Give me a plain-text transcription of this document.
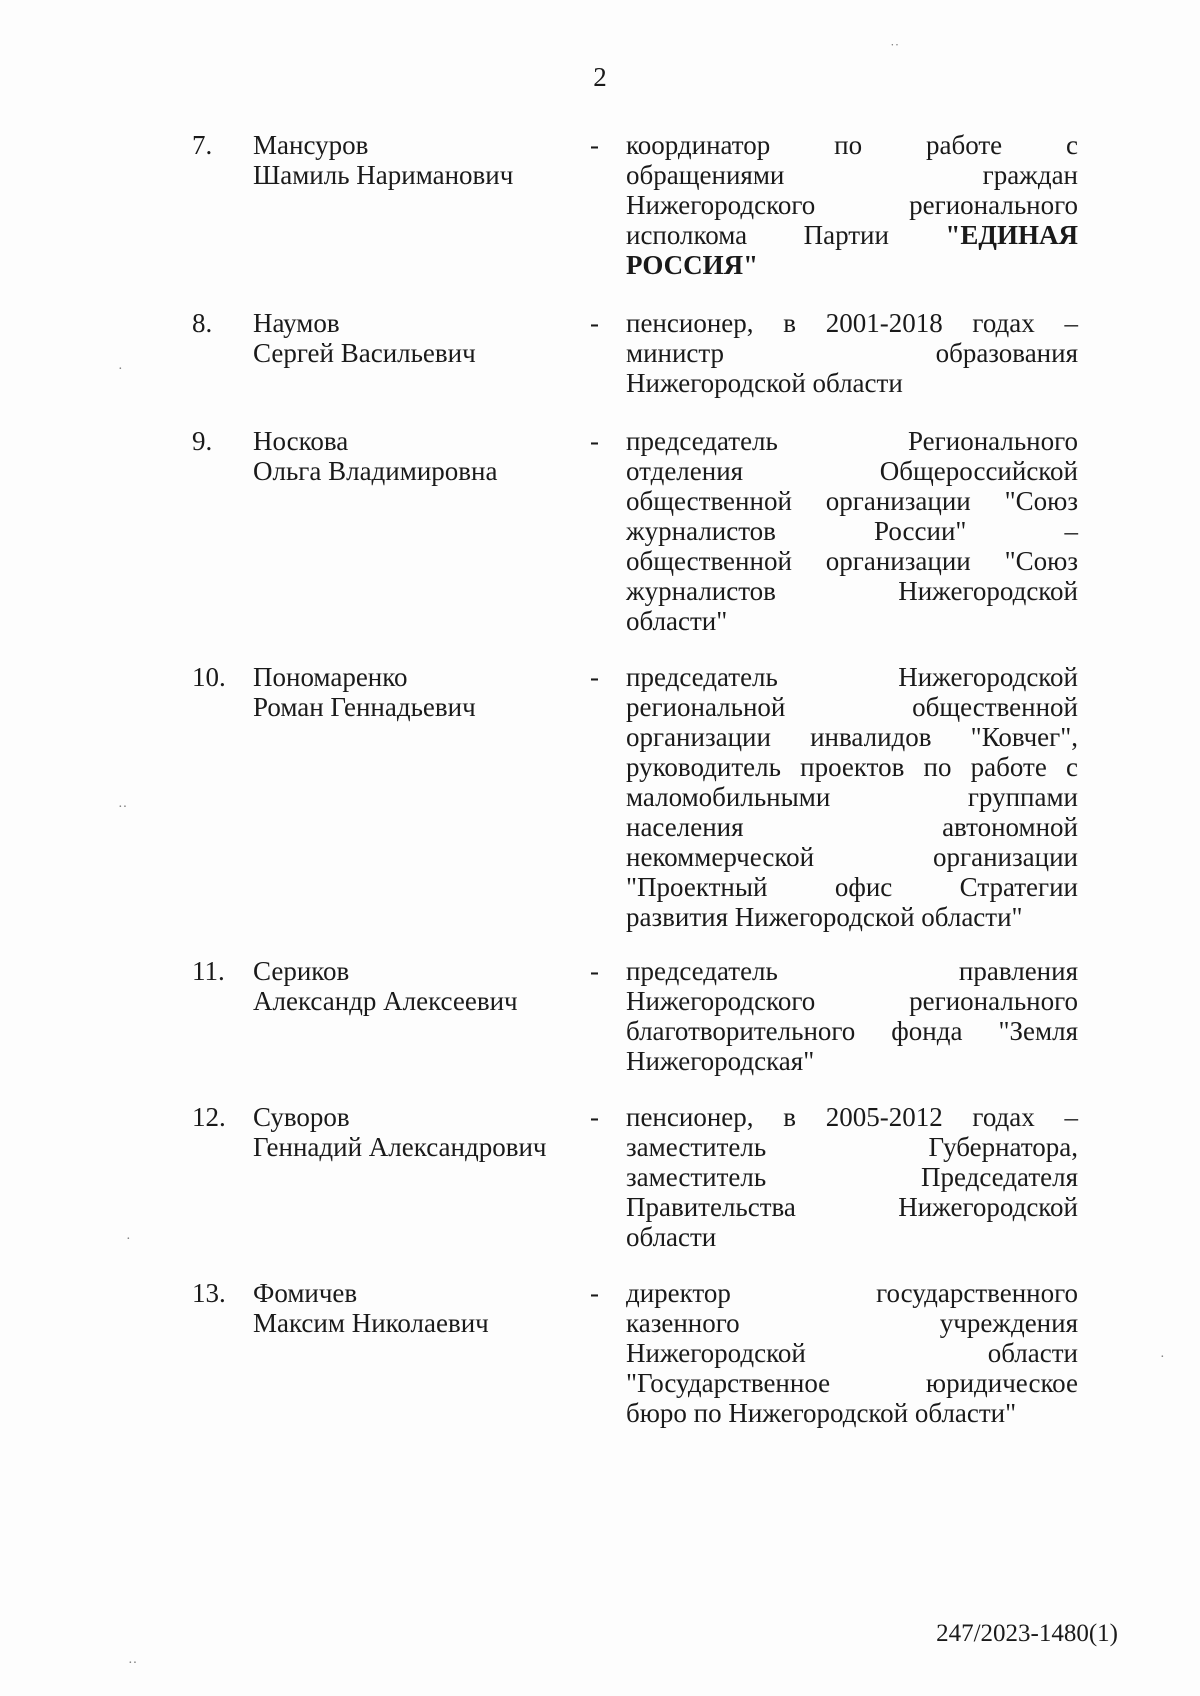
2
7. Мансуров
Шамиль Нариманович
- координатор по работе с
обращениями граждан
Нижегородского регионального
исполкома Партии "ЕДИНАЯ
РОССИЯ"
8. Наумов
Сергей Васильевич
- пенсионер, в 2001-2018 годах –
министр образования
Нижегородской области
9. Носкова
Ольга Владимировна
- председатель Регионального
отделения Общероссийской
общественной организации "Союз
журналистов России" –
общественной организации "Союз
журналистов Нижегородской
области"
10. Пономаренко
Роман Геннадьевич
- председатель Нижегородской
региональной общественной
организации инвалидов "Ковчег",
руководитель проектов по работе с
маломобильными группами
населения автономной
некоммерческой организации
"Проектный офис Стратегии
развития Нижегородской области"
11. Сериков
Александр Алексеевич
- председатель правления
Нижегородского регионального
благотворительного фонда "Земля
Нижегородская"
12. Суворов
Геннадий Александрович
- пенсионер, в 2005-2012 годах –
заместитель Губернатора,
заместитель Председателя
Правительства Нижегородской
области
13. Фомичев
Максим Николаевич
- директор государственного
казенного учреждения
Нижегородской области
"Государственное юридическое
бюро по Нижегородской области"
247/2023-1480(1)
˙˙
·
··
·
··
·
